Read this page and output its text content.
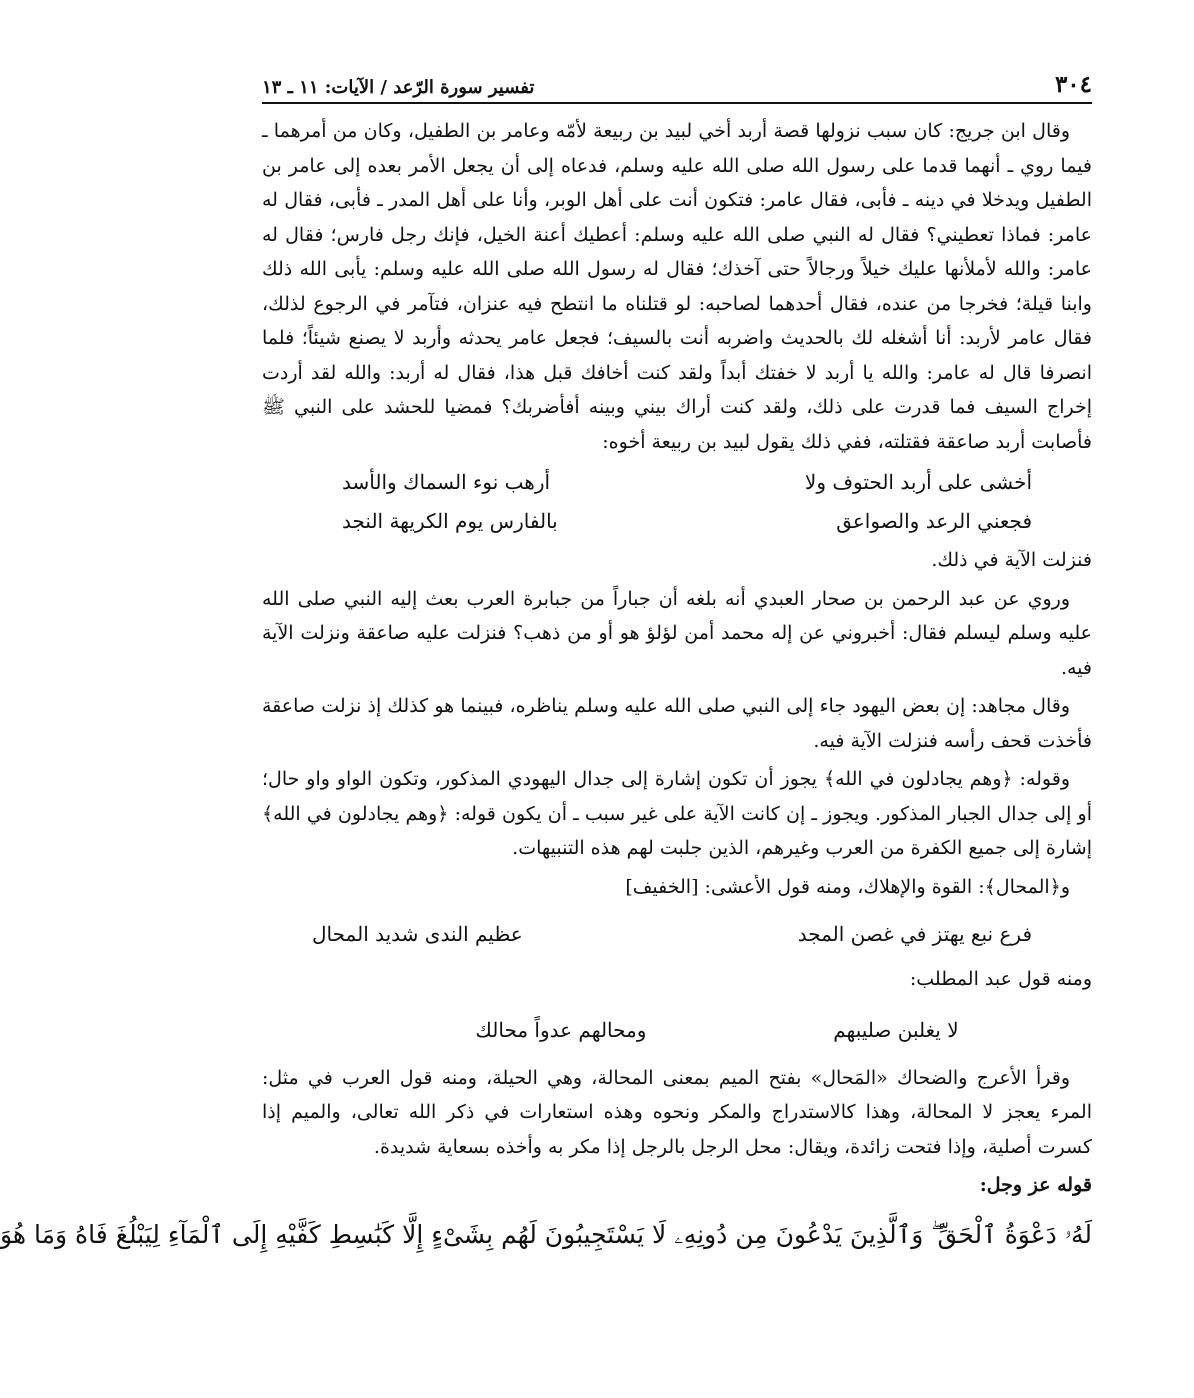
٣٠٤
تفسير سورة الرّعد / الآيات: ١١ ـ ١٣

وقال ابن جريج: كان سبب نزولها قصة أربد أخي لبيد بن ربيعة لأمّه وعامر بن الطفيل، وكان من أمرهما ـ فيما روي ـ أنهما قدما على رسول الله صلى الله عليه وسلم، فدعاه إلى أن يجعل الأمر بعده إلى عامر بن الطفيل ويدخلا في دينه ـ فأبى، فقال عامر: فتكون أنت على أهل الوبر، وأنا على أهل المدر ـ فأبى، فقال له عامر: فماذا تعطيني؟ فقال له النبي صلى الله عليه وسلم: أعطيك أعنة الخيل، فإنك رجل فارس؛ فقال له عامر: والله لأملأنها عليك خيلاً ورجالاً حتى آخذك؛ فقال له رسول الله صلى الله عليه وسلم: يأبى الله ذلك وابنا قيلة؛ فخرجا من عنده، فقال أحدهما لصاحبه: لو قتلناه ما انتطح فيه عنزان، فتآمر في الرجوع لذلك، فقال عامر لأربد: أنا أشغله لك بالحديث واضربه أنت بالسيف؛ فجعل عامر يحدثه وأربد لا يصنع شيئاً؛ فلما انصرفا قال له عامر: والله يا أربد لا خفتك أبداً ولقد كنت أخافك قبل هذا، فقال له أربد: والله لقد أردت إخراج السيف فما قدرت على ذلك، ولقد كنت أراك بيني وبينه أفأضربك؟ فمضيا للحشد على النبي ﷺ فأصابت أربد صاعقة فقتلته، ففي ذلك يقول لبيد بن ربيعة أخوه:

أخشى على أربد الحتوف ولا
أرهب نوء السماك والأسد
فجعني الرعد والصواعق
بالفارس يوم الكريهة النجد

فنزلت الآية في ذلك.

وروي عن عبد الرحمن بن صحار العبدي أنه بلغه أن جباراً من جبابرة العرب بعث إليه النبي صلى الله عليه وسلم ليسلم فقال: أخبروني عن إله محمد أمن لؤلؤ هو أو من ذهب؟ فنزلت عليه صاعقة ونزلت الآية فيه.

وقال مجاهد: إن بعض اليهود جاء إلى النبي صلى الله عليه وسلم يناظره، فبينما هو كذلك إذ نزلت صاعقة فأخذت قحف رأسه فنزلت الآية فيه.

وقوله: ﴿وهم يجادلون في الله﴾ يجوز أن تكون إشارة إلى جدال اليهودي المذكور، وتكون الواو واو حال؛ أو إلى جدال الجبار المذكور. ويجوز ـ إن كانت الآية على غير سبب ـ أن يكون قوله: ﴿وهم يجادلون في الله﴾ إشارة إلى جميع الكفرة من العرب وغيرهم، الذين جلبت لهم هذه التنبيهات.

و﴿المحال﴾: القوة والإهلاك، ومنه قول الأعشى: [الخفيف]

فرع نبع يهتز في غصن المجد
عظيم الندى شديد المحال

ومنه قول عبد المطلب:

لا يغلبن صليبهم
ومحالهم عدواً محالك

وقرأ الأعرج والضحاك «المَحال» بفتح الميم بمعنى المحالة، وهي الحيلة، ومنه قول العرب في مثل: المرء يعجز لا المحالة، وهذا كالاستدراج والمكر ونحوه وهذه استعارات في ذكر الله تعالى، والميم إذا كسرت أصلية، وإذا فتحت زائدة، ويقال: محل الرجل بالرجل إذا مكر به وأخذه بسعاية شديدة.

قوله عز وجل:

لَهُۥ دَعْوَةُ ٱلْحَقِّ ۖ وَٱلَّذِينَ يَدْعُونَ مِن دُونِهِۦ لَا يَسْتَجِيبُونَ لَهُم بِشَىْءٍ إِلَّا كَبَٰسِطِ كَفَّيْهِ إِلَى ٱلْمَآءِ لِيَبْلُغَ فَاهُ وَمَا هُوَ
